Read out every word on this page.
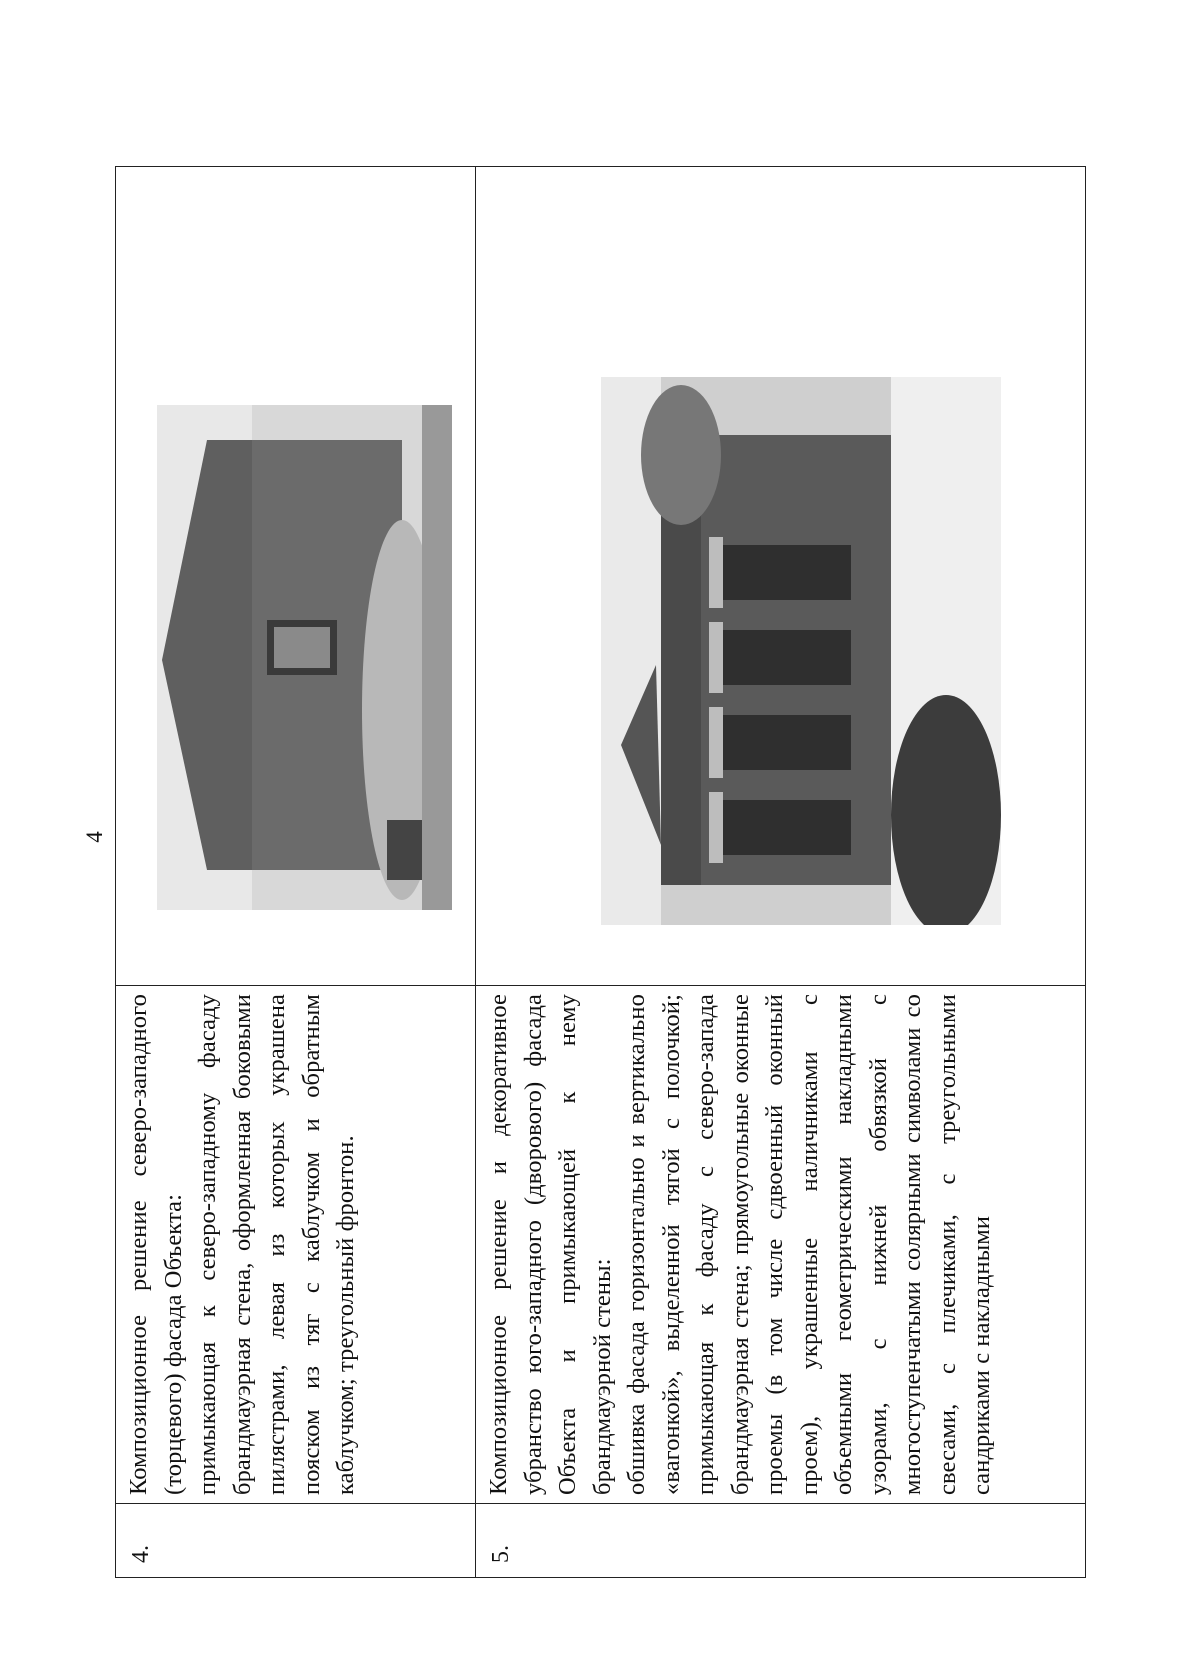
4
4.	Композиционное решение северо-западного (торцевого) фасада Объекта: примыкающая к северо-западному фасаду брандмауэрная стена, оформленная боковыми пилястрами, левая из которых украшена пояском из тяг с каблучком и обратным каблучком; треугольный фронтон.

5.	Композиционное решение и декоративное убранство юго-западного (дворового) фасада Объекта и примыкающей к нему брандмауэрной стены: обшивка фасада горизонтально и вертикально «вагонкой», выделенной тягой с полочкой; примыкающая к фасаду с северо-запада брандмауэрная стена; прямоугольные оконные проемы (в том числе сдвоенный оконный проем), украшенные наличниками с объемными геометрическими накладными узорами, с нижней обвязкой с многоступенчатыми солярными символами со свесами, с плечиками, с треугольными сандриками с накладными
